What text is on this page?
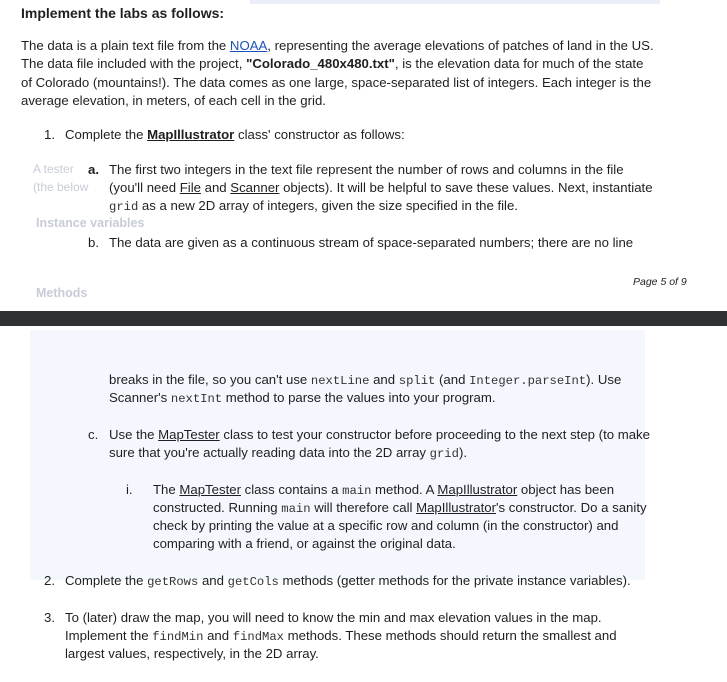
Implement the labs as follows:
The data is a plain text file from the NOAA, representing the average elevations of patches of land in the US.
The data file included with the project, "Colorado_480x480.txt", is the elevation data for much of the state
of Colorado (mountains!). The data comes as one large, space-separated list of integers. Each integer is the
average elevation, in meters, of each cell in the grid.
1. Complete the MapIllustrator class' constructor as follows:
A tester
(the below
a. The first two integers in the text file represent the number of rows and columns in the file
(you'll need File and Scanner objects). It will be helpful to save these values. Next, instantiate
grid as a new 2D array of integers, given the size specified in the file.
Instance variables
b. The data are given as a continuous stream of space-separated numbers; there are no line
Page 5 of 9
Methods
breaks in the file, so you can't use nextLine and split (and Integer.parseInt). Use
Scanner's nextInt method to parse the values into your program.
c. Use the MapTester class to test your constructor before proceeding to the next step (to make
sure that you're actually reading data into the 2D array grid).
i. The MapTester class contains a main method. A MapIllustrator object has been
constructed. Running main will therefore call MapIllustrator's constructor. Do a sanity
check by printing the value at a specific row and column (in the constructor) and
comparing with a friend, or against the original data.
2. Complete the getRows and getCols methods (getter methods for the private instance variables).
3. To (later) draw the map, you will need to know the min and max elevation values in the map.
Implement the findMin and findMax methods. These methods should return the smallest and
largest values, respectively, in the 2D array.
